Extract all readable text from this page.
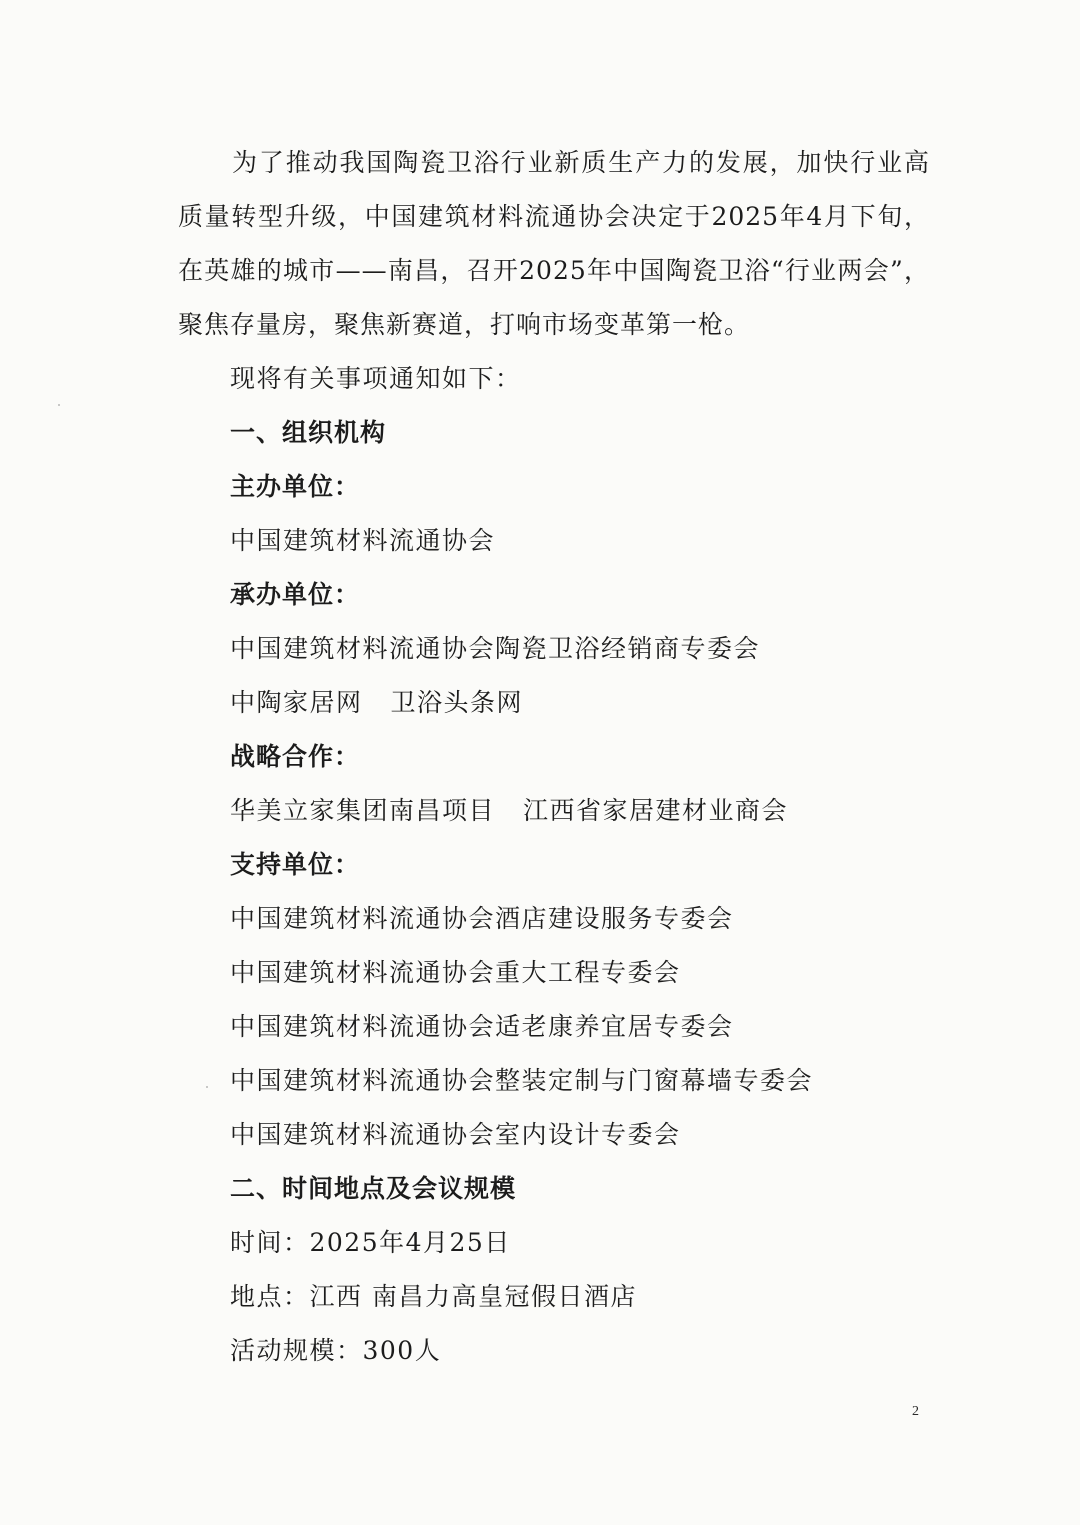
为了推动我国陶瓷卫浴行业新质生产力的发展，加快行业高质量转型升级，中国建筑材料流通协会决定于2025年4月下旬，在英雄的城市——南昌，召开2025年中国陶瓷卫浴“行业两会”，聚焦存量房，聚焦新赛道，打响市场变革第一枪。

现将有关事项通知如下：

一、组织机构

主办单位：

中国建筑材料流通协会

承办单位：

中国建筑材料流通协会陶瓷卫浴经销商专委会

中陶家居网 卫浴头条网

战略合作：

华美立家集团南昌项目 江西省家居建材业商会

支持单位：

中国建筑材料流通协会酒店建设服务专委会

中国建筑材料流通协会重大工程专委会

中国建筑材料流通协会适老康养宜居专委会

中国建筑材料流通协会整装定制与门窗幕墙专委会

中国建筑材料流通协会室内设计专委会

二、时间地点及会议规模

时间：2025年4月25日

地点：江西 南昌力高皇冠假日酒店

活动规模：300人

2
